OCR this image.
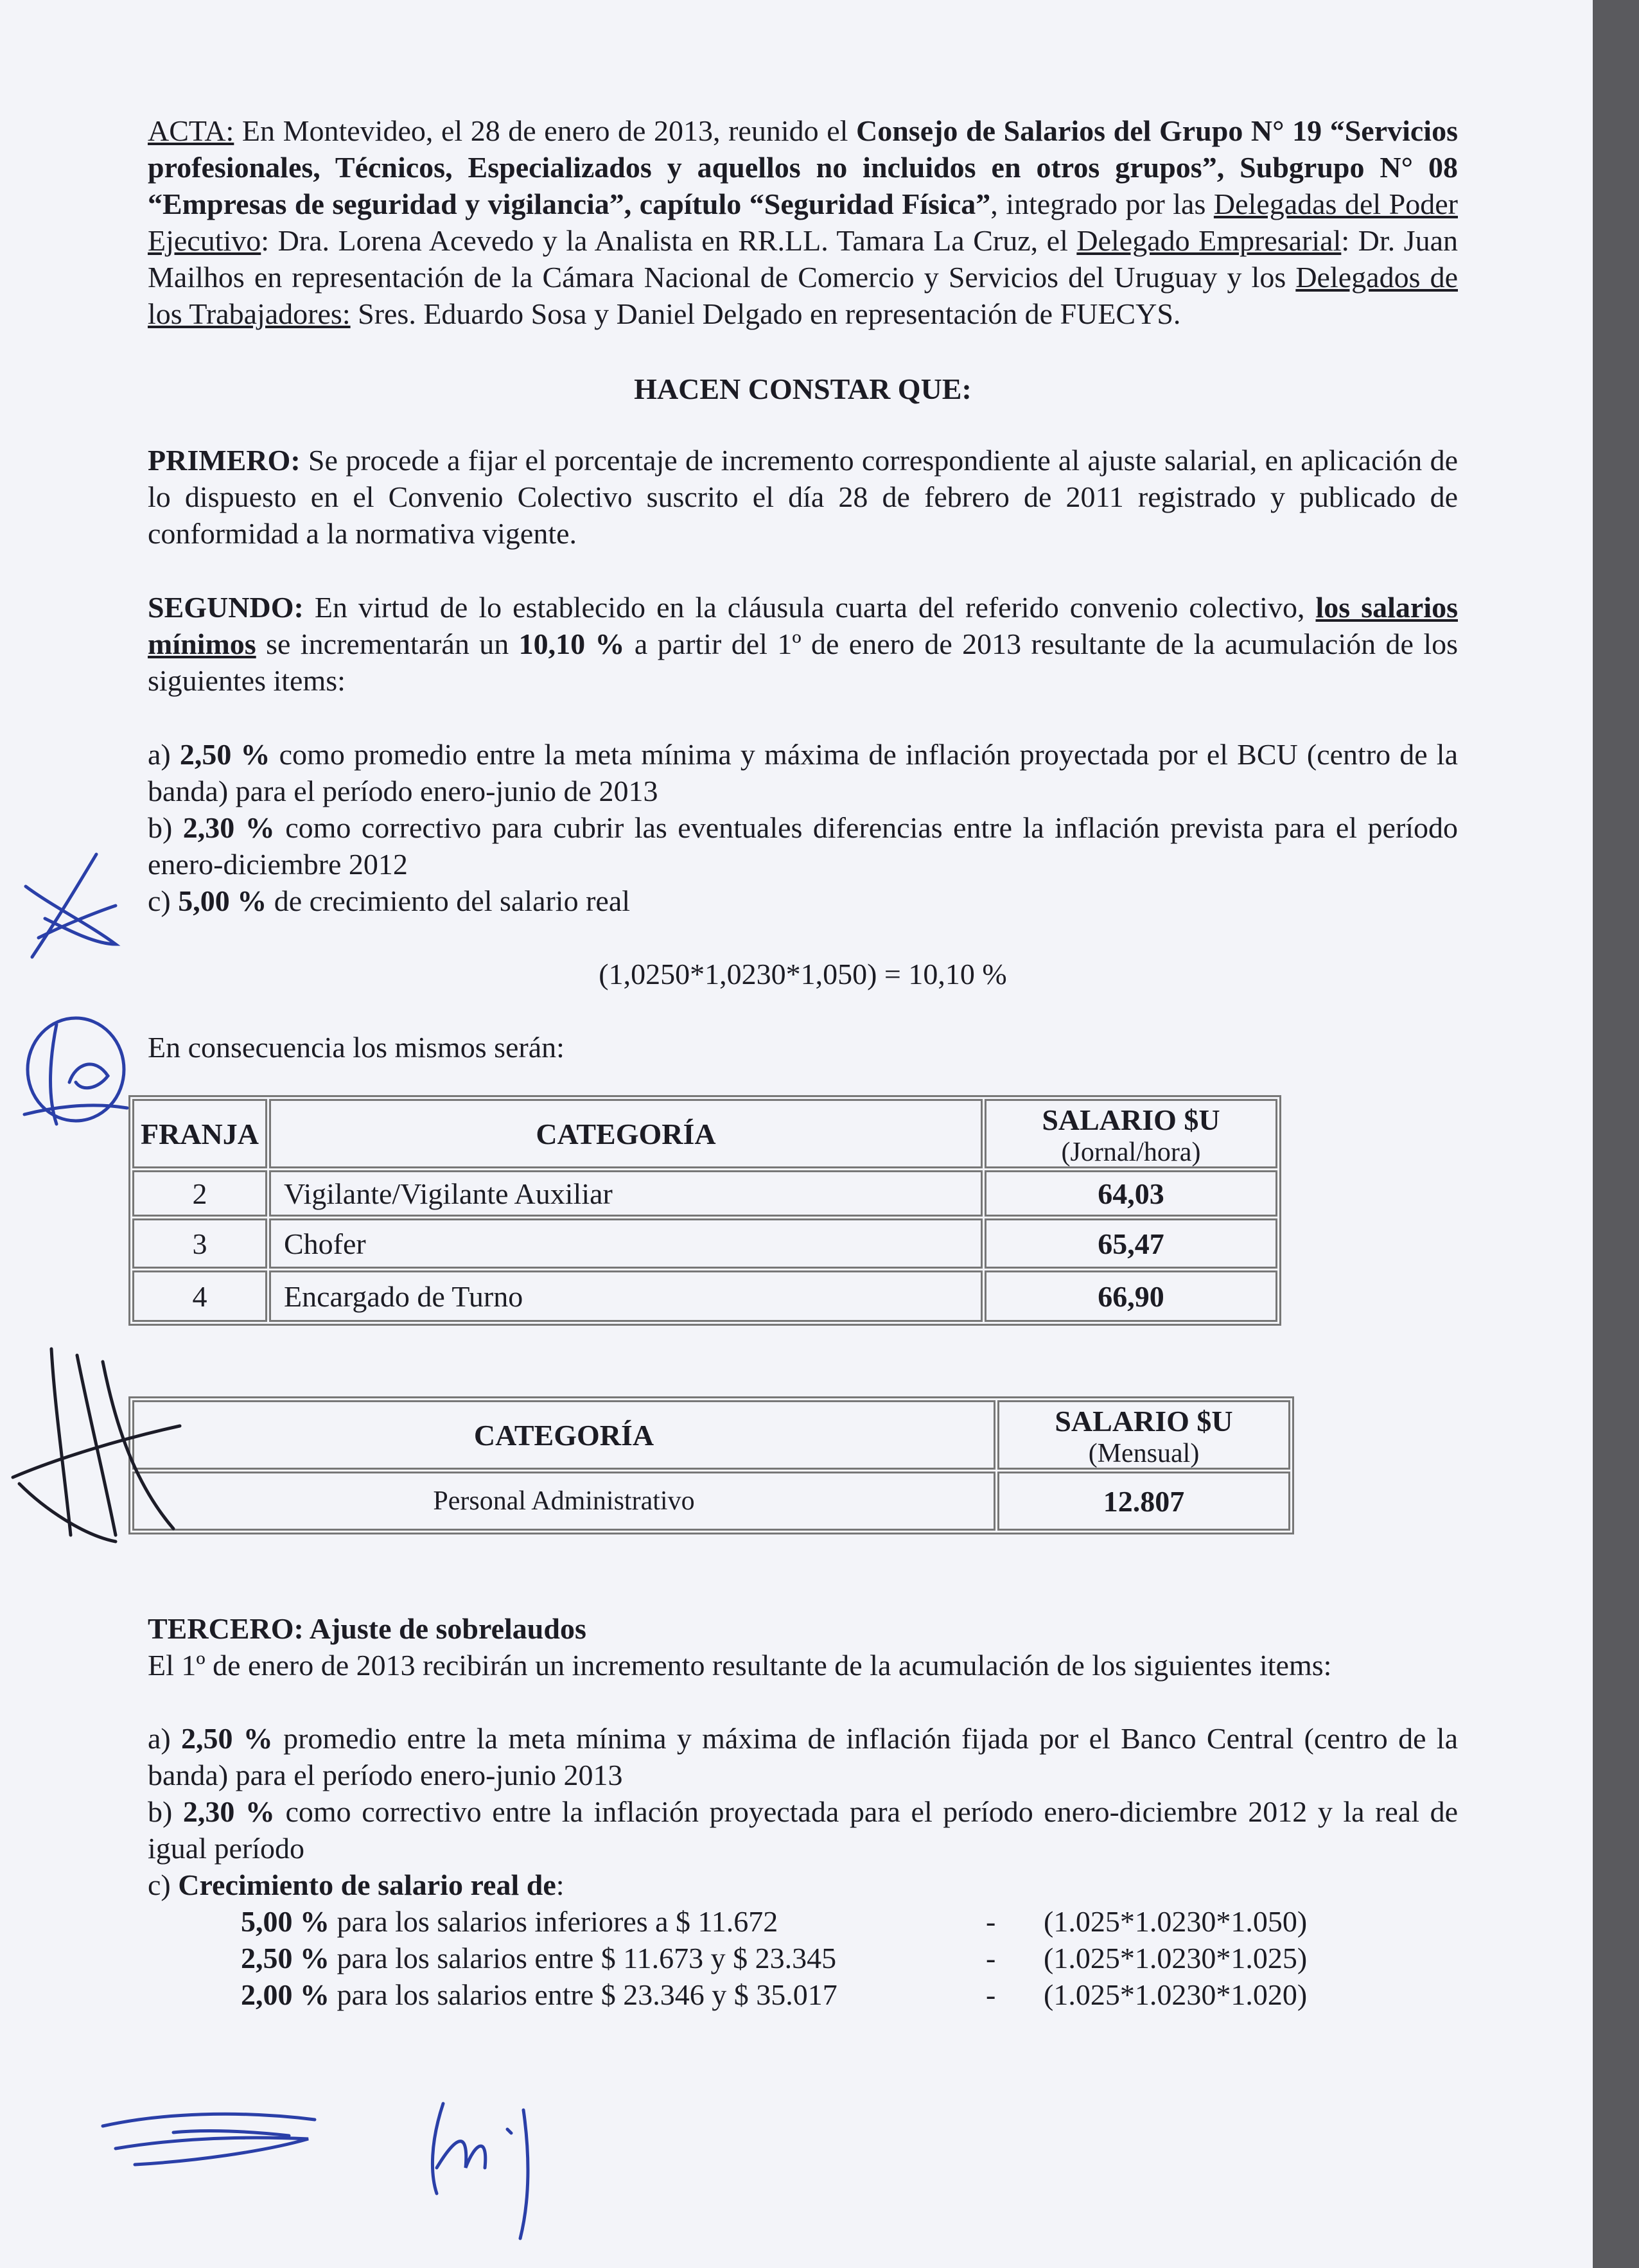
ACTA: En Montevideo, el 28 de enero de 2013, reunido el Consejo de Salarios del Grupo N° 19 “Servicios profesionales, Técnicos, Especializados y aquellos no incluidos en otros grupos”, Subgrupo N° 08 “Empresas de seguridad y vigilancia”, capítulo “Seguridad Física”, integrado por las Delegadas del Poder Ejecutivo: Dra. Lorena Acevedo y la Analista en RR.LL. Tamara La Cruz, el Delegado Empresarial: Dr. Juan Mailhos en representación de la Cámara Nacional de Comercio y Servicios del Uruguay y los Delegados de los Trabajadores: Sres. Eduardo Sosa y Daniel Delgado en representación de FUECYS.

HACEN CONSTAR QUE:

PRIMERO: Se procede a fijar el porcentaje de incremento correspondiente al ajuste salarial, en aplicación de lo dispuesto en el Convenio Colectivo suscrito el día 28 de febrero de 2011 registrado y publicado de conformidad a la normativa vigente.

SEGUNDO: En virtud de lo establecido en la cláusula cuarta del referido convenio colectivo, los salarios mínimos se incrementarán un 10,10 % a partir del 1º de enero de 2013 resultante de la acumulación de los siguientes items:

a) 2,50 % como promedio entre la meta mínima y máxima de inflación proyectada por el BCU (centro de la banda) para el período enero-junio de 2013

b) 2,30 % como correctivo para cubrir las eventuales diferencias entre la inflación prevista para el período enero-diciembre 2012

c) 5,00 % de crecimiento del salario real

(1,0250*1,0230*1,050) = 10,10 %

En consecuencia los mismos serán:

FRANJA	CATEGORÍA	SALARIO $U
(Jornal/hora)

2	Vigilante/Vigilante Auxiliar	64,03
3	Chofer	65,47
4	Encargado de Turno	66,90
CATEGORÍA	SALARIO $U
(Mensual)

Personal Administrativo	12.807

TERCERO: Ajuste de sobrelaudos

El 1º de enero de 2013 recibirán un incremento resultante de la acumulación de los siguientes items:

a) 2,50 % promedio entre la meta mínima y máxima de inflación fijada por el Banco Central (centro de la banda) para el período enero-junio 2013

b) 2,30 % como correctivo entre la inflación proyectada para el período enero-diciembre 2012 y la real de igual período

c) Crecimiento de salario real de:

5,00 % para los salarios inferiores a $ 11.672	-	(1.025*1.0230*1.050)
2,50 % para los salarios entre $ 11.673 y $ 23.345	-	(1.025*1.0230*1.025)
2,00 % para los salarios entre $ 23.346 y $ 35.017	-	(1.025*1.0230*1.020)
